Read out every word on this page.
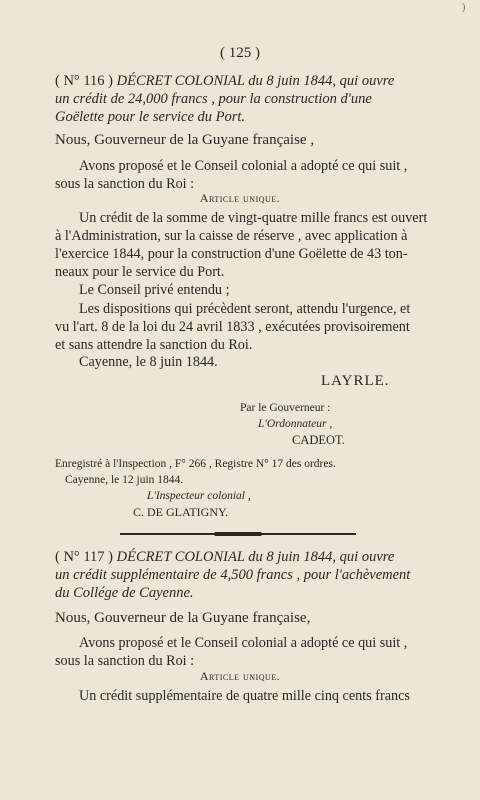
)
( 125 )

( N° 116 ) DÉCRET COLONIAL du 8 juin 1844, qui ouvre

un crédit de 24,000 francs , pour la construction d'une

Goëlette pour le service du Port.

Nous, Gouverneur de la Guyane française ,

Avons proposé et le Conseil colonial a adopté ce qui suit ,

sous la sanction du Roi :

Article unique.

Un crédit de la somme de vingt-quatre mille francs est ouvert

à l'Administration, sur la caisse de réserve , avec application à

l'exercice 1844, pour la construction d'une Goëlette de 43 ton-

neaux pour le service du Port.

Le Conseil privé entendu ;

Les dispositions qui précèdent seront, attendu l'urgence, et

vu l'art. 8 de la loi du 24 avril 1833 , exécutées provisoirement

et sans attendre la sanction du Roi.

Cayenne, le 8 juin 1844.

LAYRLE.

Par le Gouverneur :

L'Ordonnateur ,

CADEOT.

Enregistré à l'Inspection , F° 266 , Registre N° 17 des ordres.

Cayenne, le 12 juin 1844.

L'Inspecteur colonial ,

C. DE GLATIGNY.

( N° 117 ) DÉCRET COLONIAL du 8 juin 1844, qui ouvre

un crédit supplémentaire de 4,500 francs , pour l'achèvement

du Collége de Cayenne.

Nous, Gouverneur de la Guyane française,

Avons proposé et le Conseil colonial a adopté ce qui suit ,

sous la sanction du Roi :

Article unique.

Un crédit supplémentaire de quatre mille cinq cents francs
